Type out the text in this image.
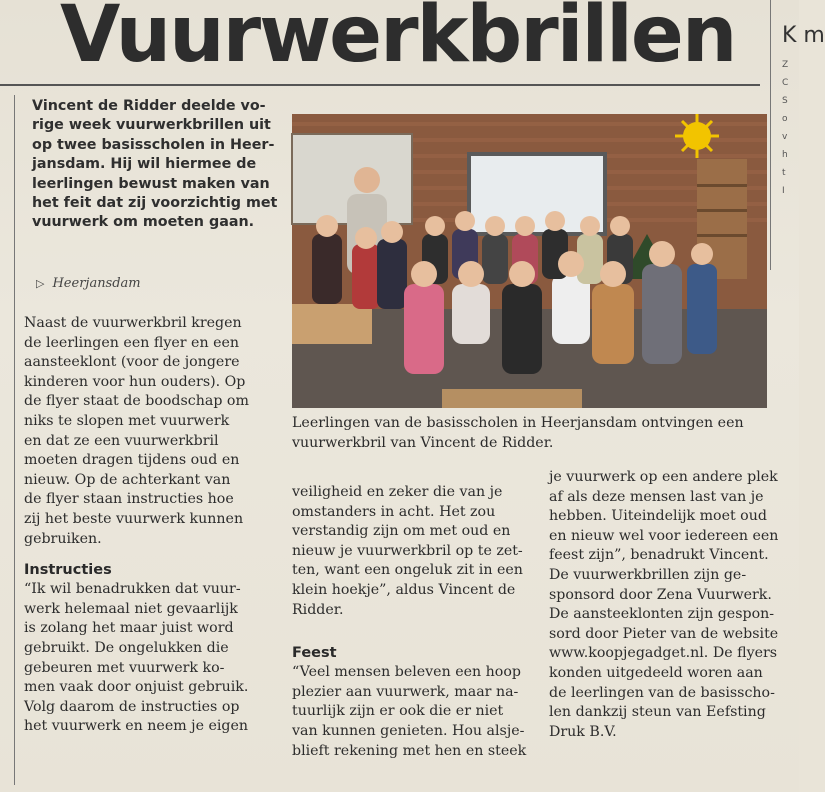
Vuurwerkbrillen K m
Z
C
S
o
v
h
t
I

Vincent de Ridder deelde vo-

rige week vuurwerkbrillen uit

op twee basisscholen in Heer-

jansdam. Hij wil hiermee de

leerlingen bewust maken van

het feit dat zij voorzichtig met

vuurwerk om moeten gaan.

▷ Heerjansdam

Naast de vuurwerkbril kregen

de leerlingen een flyer en een

aansteeklont (voor de jongere

kinderen voor hun ouders). Op

de flyer staat de boodschap om

niks te slopen met vuurwerk

en dat ze een vuurwerkbril

moeten dragen tijdens oud en

nieuw. Op de achterkant van

de flyer staan instructies hoe

zij het beste vuurwerk kunnen

gebruiken.

Instructies

“Ik wil benadrukken dat vuur-

werk helemaal niet gevaarlijk

is zolang het maar juist word

gebruikt. De ongelukken die

gebeuren met vuurwerk ko-

men vaak door onjuist gebruik.

Volg daarom de instructies op

het vuurwerk en neem je eigen

Leerlingen van de basisscholen in Heerjansdam ontvingen een

vuurwerkbril van Vincent de Ridder.

veiligheid en zeker die van je

omstanders in acht. Het zou

verstandig zijn om met oud en

nieuw je vuurwerkbril op te zet-

ten, want een ongeluk zit in een

klein hoekje”, aldus Vincent de

Ridder.

Feest

“Veel mensen beleven een hoop

plezier aan vuurwerk, maar na-

tuurlijk zijn er ook die er niet

van kunnen genieten. Hou alsje-

blieft rekening met hen en steek

je vuurwerk op een andere plek

af als deze mensen last van je

hebben. Uiteindelijk moet oud

en nieuw wel voor iedereen een

feest zijn”, benadrukt Vincent.

De vuurwerkbrillen zijn ge-

sponsord door Zena Vuurwerk.

De aansteeklonten zijn gespon-

sord door Pieter van de website

www.koopjegadget.nl. De flyers

konden uitgedeeld woren aan

de leerlingen van de basisscho-

len dankzij steun van Eefsting

Druk B.V.
